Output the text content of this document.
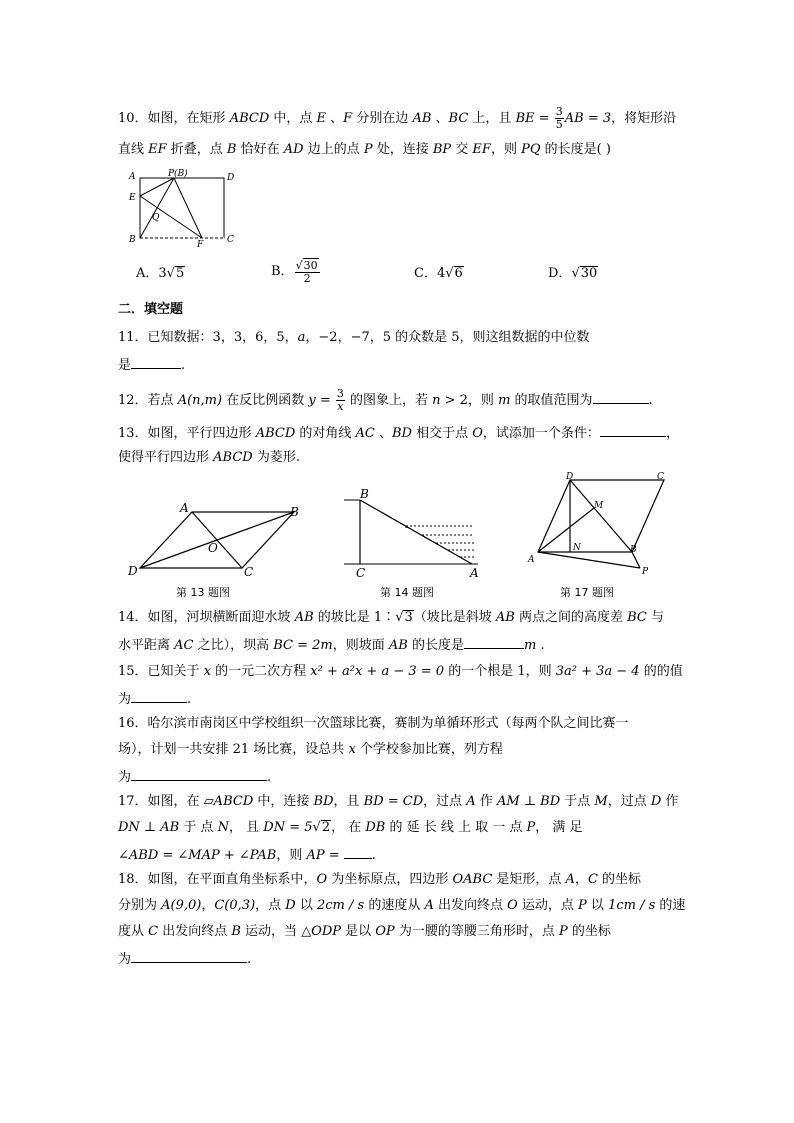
10．如图，在矩形 ABCD 中，点 E 、F 分别在边 AB 、BC 上，且 BE = $\frac{3}{5}$ AB = 3，将矩形沿
直线 EF 折叠，点 B 恰好在 AD 边上的点 P 处，连接 BP 交 EF，则 PQ 的长度是( )
A	P(B)	D
E
Q
B	F	C
A．3√5	B． $\frac{√30}{2}$	C．4√6	D．√30
二．填空题
11．已知数据：3，3，6，5，a，−2，−7，5 的众数是 5，则这组数据的中位数
是	.
12．若点 A(n,m) 在反比例函数 $y = \frac{3}{x}$ 的图象上，若 n > 2，则 m 的取值范围为	.
13．如图，平行四边形 ABCD 的对角线 AC 、BD 相交于点 O，试添加一个条件：	，
使得平行四边形 ABCD 为菱形.
A	B
O
D	C
第 13 题图
B
C	A
第 14 题图
D	C
M
N
A
B
P
第 17 题图
14．如图，河坝横断面迎水坡 AB 的坡比是 1∶√3（坡比是斜坡 AB 两点之间的高度差 BC 与
水平距离 AC 之比），坝高 BC = 2m，则坡面 AB 的长度是	m .
15．已知关于 x 的一元二次方程 x² + a²x + a − 3 = 0 的一个根是 1，则 3a² + 3a − 4 的的值
为	.
16．哈尔滨市南岗区中学校组织一次篮球比赛，赛制为单循环形式（每两个队之间比赛一
场），计划一共安排 21 场比赛，设总共 x 个学校参加比赛，列方程
为	.
17．如图，在 ▱ABCD 中，连接 BD，且 BD = CD，过点 A 作 AM ⊥ BD 于点 M，过点 D 作
DN ⊥ AB 于 点 N， 且 DN = 5√2， 在 DB 的 延 长 线 上 取 一 点 P， 满 足
∠ABD = ∠MAP + ∠PAB，则 AP = .
18．如图，在平面直角坐标系中，O 为坐标原点，四边形 OABC 是矩形，点 A，C 的坐标
分别为 A(9,0)，C(0,3)，点 D 以 2cm / s 的速度从 A 出发向终点 O 运动，点 P 以 1cm / s 的速
度从 C 出发向终点 B 运动，当 △ODP 是以 OP 为一腰的等腰三角形时，点 P 的坐标
为	.
